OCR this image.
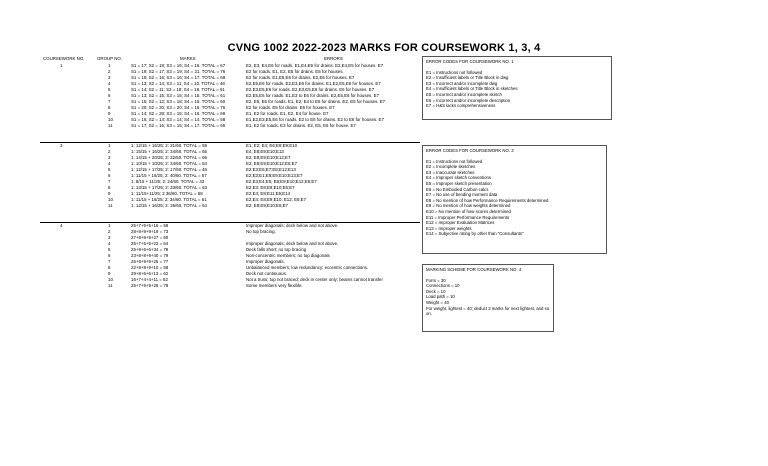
CVNG 1002 2022-2023 MARKS FOR COURSEWORK 1, 3, 4
COURSEWORK NO.	GROUP NO.	MARKS	ERRORS
1	1	S1 = 17; S2 = 18; S3 = 16; S4 = 16. TOTAL = 67	E2, E3, E4,E6 for roads. E1,E4,E6 for drains. E2,E4,E5 for houses. E7
2	S1 = 19; S2 = 17; S3 = 19; S4 = 21. TOTAL = 76	E2 for roads. E1, E2, E5 for drains. E5 for houses.
3	S1 = 19; S2 = 16; S3 = 16; S4 = 17. TOTAL = 68	E2 for roads. E1,E5,E6 for drains. E2,E6 for houses. E7
4	S1 = 13; S2 = 14; S3 = 11; S4 = 10. TOTAL = 48	E2,E5,E6 for roads. E2,E3,E6 for drains. E1,E2,E5,E6 for houses. E7
5	S1 = 14; S2 = 11; S3 = 18; S4 = 18. TOTAL = 61	E2,E3,E5,E6 for roads. E2,E3,E5,E6 for drains. E6 for houses. E7
6	S1 = 13; S2 = 15; S3 = 15; S4 = 18. TOTAL = 61	E2,E5,E6 for roads. E1,E3 to E6 for drains. E2,E5,E6 for houses. E7
7	S1 = 15; S2 = 12; S3 = 18; S4 = 15. TOTAL = 60	E2, E5, E6 for roads. E1, E2, E4 to E6 for drains. E2, E5 for houses. E7
8	S1 = 20; S2 = 20; S3 = 20; S4 = 16. TOTAL = 76	E2 for roads. E5 for drains. E6 for houses. E7
9	S1 = 14; S2 = 28; S3 = 15; S4 = 16. TOTAL = 69	E1, E2 for roads. E1, E2, E4 for house. E7
10	S1 = 16; S2 = 14; S3 = 14; S4 = 14. TOTAL = 58	E1,E2,E3,E5,E6 for roads. E2 to E6 for drains. E2 to E6 for houses. E7
11	S1 = 17; S2 = 16; S3 = 15; S4 = 17. TOTAL = 65	E1, E2 for roads. E3 for drains. E2, E5, E6 for house. E7
3	1	1: 12/15 + 16/25; 2: 31/60. TOTAL = 59	E1; E2; E4; E6;E8;E9;E10
2	1: 15/15 + 16/25; 2: 34/60. TOTAL = 65	E4; E8;E9;E10;E13
3	1: 14/15 + 20/25; 2: 32/60. TOTAL = 66	E2; E8;E9;E10;E12;E7
4	1: 10/15 + 10/25; 2: 34/60. TOTAL = 54	E2; E8;E9;E10;E12;E6;E7
5	1: 12/15 + 17/25; 2: 17/60. TOTAL = 46	E2;E3;E6;E7;E8;E12;E13
6	1: 11/15 + 16/25; 2: 40/60. TOTAL = 67	E2;E3;E1;E8;E9;E10;E13;E7
7	1: 8/15 + 11/25; 2: 24/60. TOTAL = 43	E2;E3;E4;E5; E8;E9;E10;E12;E6;E7
8	1: 13/15 + 17/25; 2: 33/60. TOTAL = 63	E2;E3; E8;E9;E10;E6;E7
9	1: 11/15+11/25; 2 36/60. TOTAL = 58	E2;E4; E8;E11;E6;E14
10	1: 11/15 + 16/25; 2: 34/60. TOTAL = 61	E2;E4; E8;E9;E10; E12; E6;E7
11	1: 12/15 + 16/25; 2: 36/60. TOTAL = 64	E2; E8;E9;E10;E6;E7
4	1	25+7+5+5+16 = 58	Improper diagonals; deck below and not above.
2	28+8+9+9+19 = 73	No top bracing.
3	27+8+8+9+27 = 60
4	25+7+5+5+22 = 64	Improper diagonals; deck below and not above.
5	25+8+6+6+34 = 79	Deck falls short; no top bracing
6	23+8+8+9+40 = 79	Non-concentric members; no top diagonals
7	26+8+9+9+25 = 77	Improper diagonals.
8	22+8+8+9+10 = 58	Unbalanced members; low redundancy; eccentric connections.
9	29+8+6+6+13 = 62	Deck not continuous.
10	16+7+4+4+11 = 62	Not a truss; top not braced; deck in center only; beams cannot transfer
11	25+7+9+9+28 = 78	Some members very flexible.
ERROR CODES FOR COURSEWORK NO. 1
E1 = Instructions not followed
E2 = Insufficient labels or Title Block in dwg
E3 = Incorrect and/or incomplete dwg
E4 = Insufficient labels or Title Block in sketches
E5 = Incorrect and/or incomplete sketch
E6 = Incorrect and/or incomplete description
E7 = H&S lacks comprehensiveness
ERROR CODES FOR COURSEWORK NO. 3
E1 = Instructions not followed
E2 = Incomplete sketches
E3 = Inaccurate sketches
E4 = Improper sketch conventions
E5 = Improper sketch presentation
E6 = No Embodied Carbon calcs
E7 = No use of bending moment data
E8 = No mention of how Performance Requirements determined
E9 = No mention of how weights determined
E10 = No mention of how scores determined
E11 = Improper Performance Requirements
E12 = Improper Evaluation Matrices
E13 = Improper weights
E14 = Subjective rating by other than "Consultants"
MARKING SCHEME FOR COURSEWORK NO. 4
Form = 30
Connections = 10
Deck = 10
Load path = 10
Weight = 40
For weight, lightest = 40; deduct 3 marks for next lightest, and so on.
